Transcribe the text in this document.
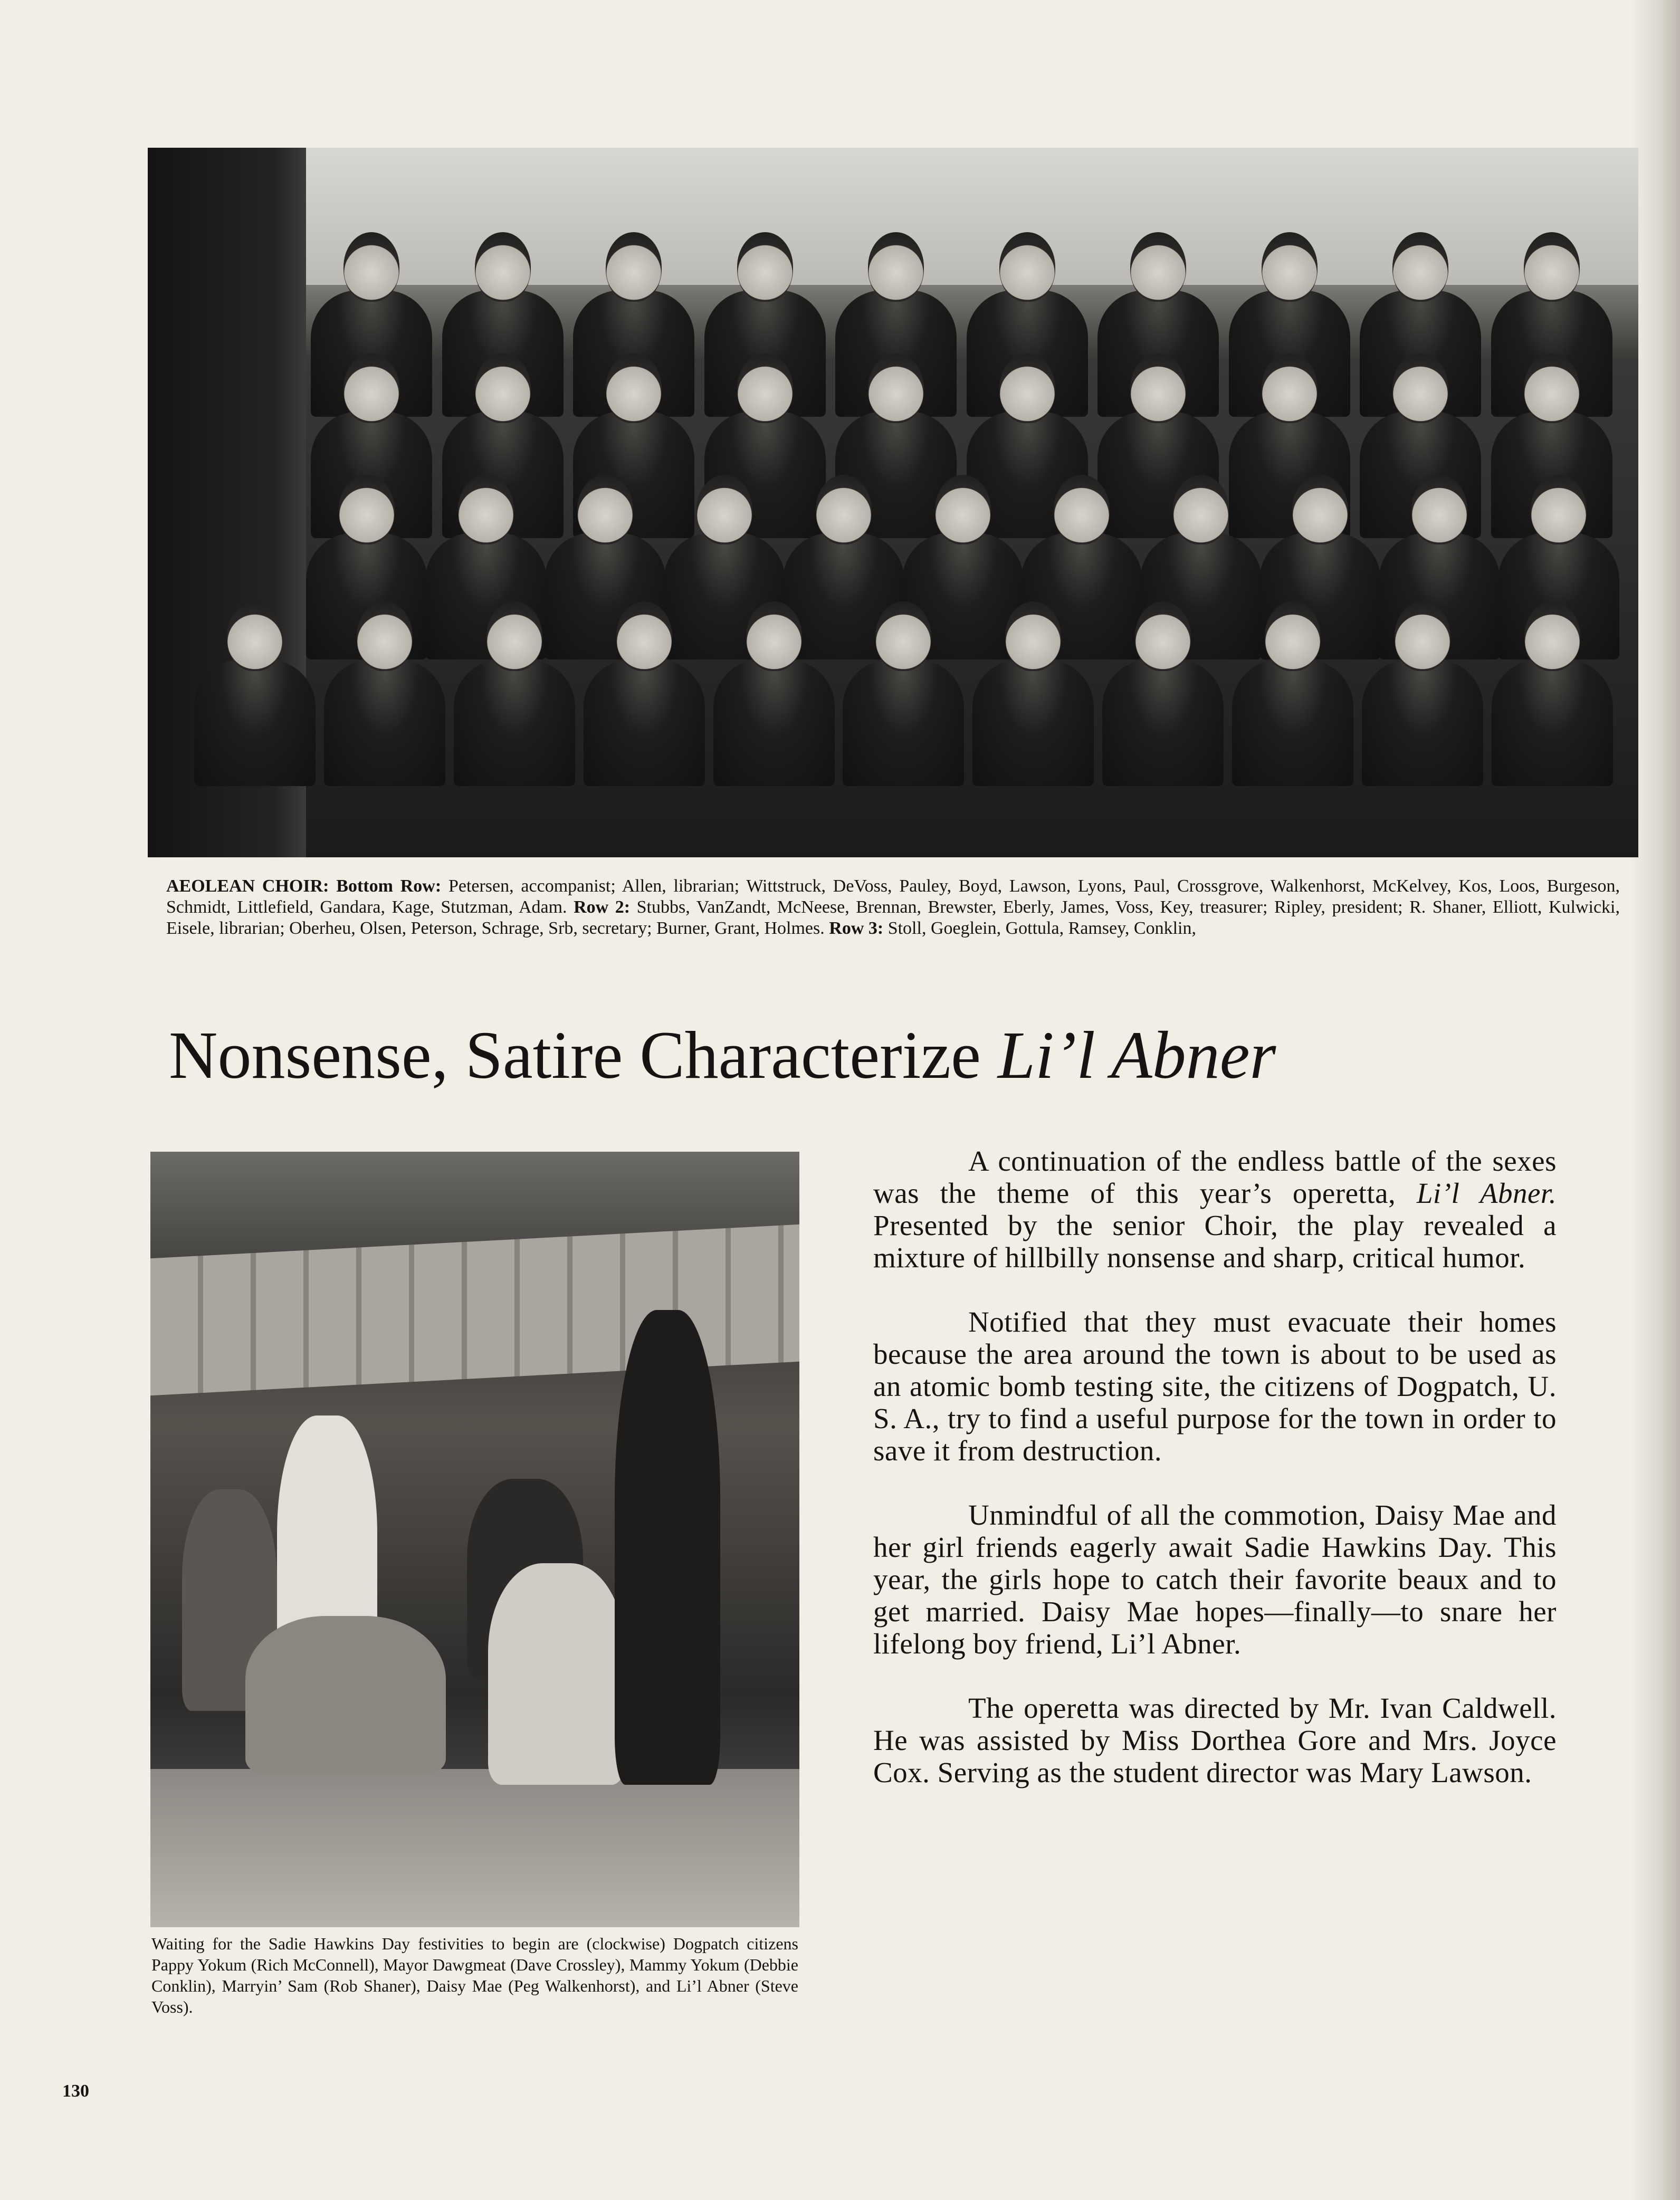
AEOLEAN CHOIR: Bottom Row: Petersen, accompanist; Allen, librarian; Wittstruck, DeVoss, Pauley, Boyd, Lawson, Lyons, Paul, Crossgrove, Walkenhorst, McKelvey, Kos, Loos, Burgeson, Schmidt, Littlefield, Gandara, Kage, Stutzman, Adam. Row 2: Stubbs, VanZandt, McNeese, Brennan, Brewster, Eberly, James, Voss, Key, treasurer; Ripley, president; R. Shaner, Elliott, Kulwicki, Eisele, librarian; Oberheu, Olsen, Peterson, Schrage, Srb, secretary; Burner, Grant, Holmes. Row 3: Stoll, Goeglein, Gottula, Ramsey, Conklin,

Nonsense, Satire Characterize Li’l Abner

Waiting for the Sadie Hawkins Day festivities to begin are (clockwise) Dogpatch citizens Pappy Yokum (Rich McConnell), Mayor Dawgmeat (Dave Crossley), Mammy Yokum (Debbie Conklin), Marryin’ Sam (Rob Shaner), Daisy Mae (Peg Walkenhorst), and Li’l Abner (Steve Voss).

A continuation of the endless battle of the sexes was the theme of this year’s operetta, Li’l Abner. Presented by the senior Choir, the play revealed a mixture of hillbilly nonsense and sharp, critical humor.

Notified that they must evacuate their homes because the area around the town is about to be used as an atomic bomb testing site, the citizens of Dogpatch, U. S. A., try to find a useful purpose for the town in order to save it from destruction.

Unmindful of all the commotion, Daisy Mae and her girl friends eagerly await Sadie Hawkins Day. This year, the girls hope to catch their favorite beaux and to get married. Daisy Mae hopes—finally—to snare her lifelong boy friend, Li’l Abner.

The operetta was directed by Mr. Ivan Caldwell. He was assisted by Miss Dorthea Gore and Mrs. Joyce Cox. Serving as the student director was Mary Lawson.

130
